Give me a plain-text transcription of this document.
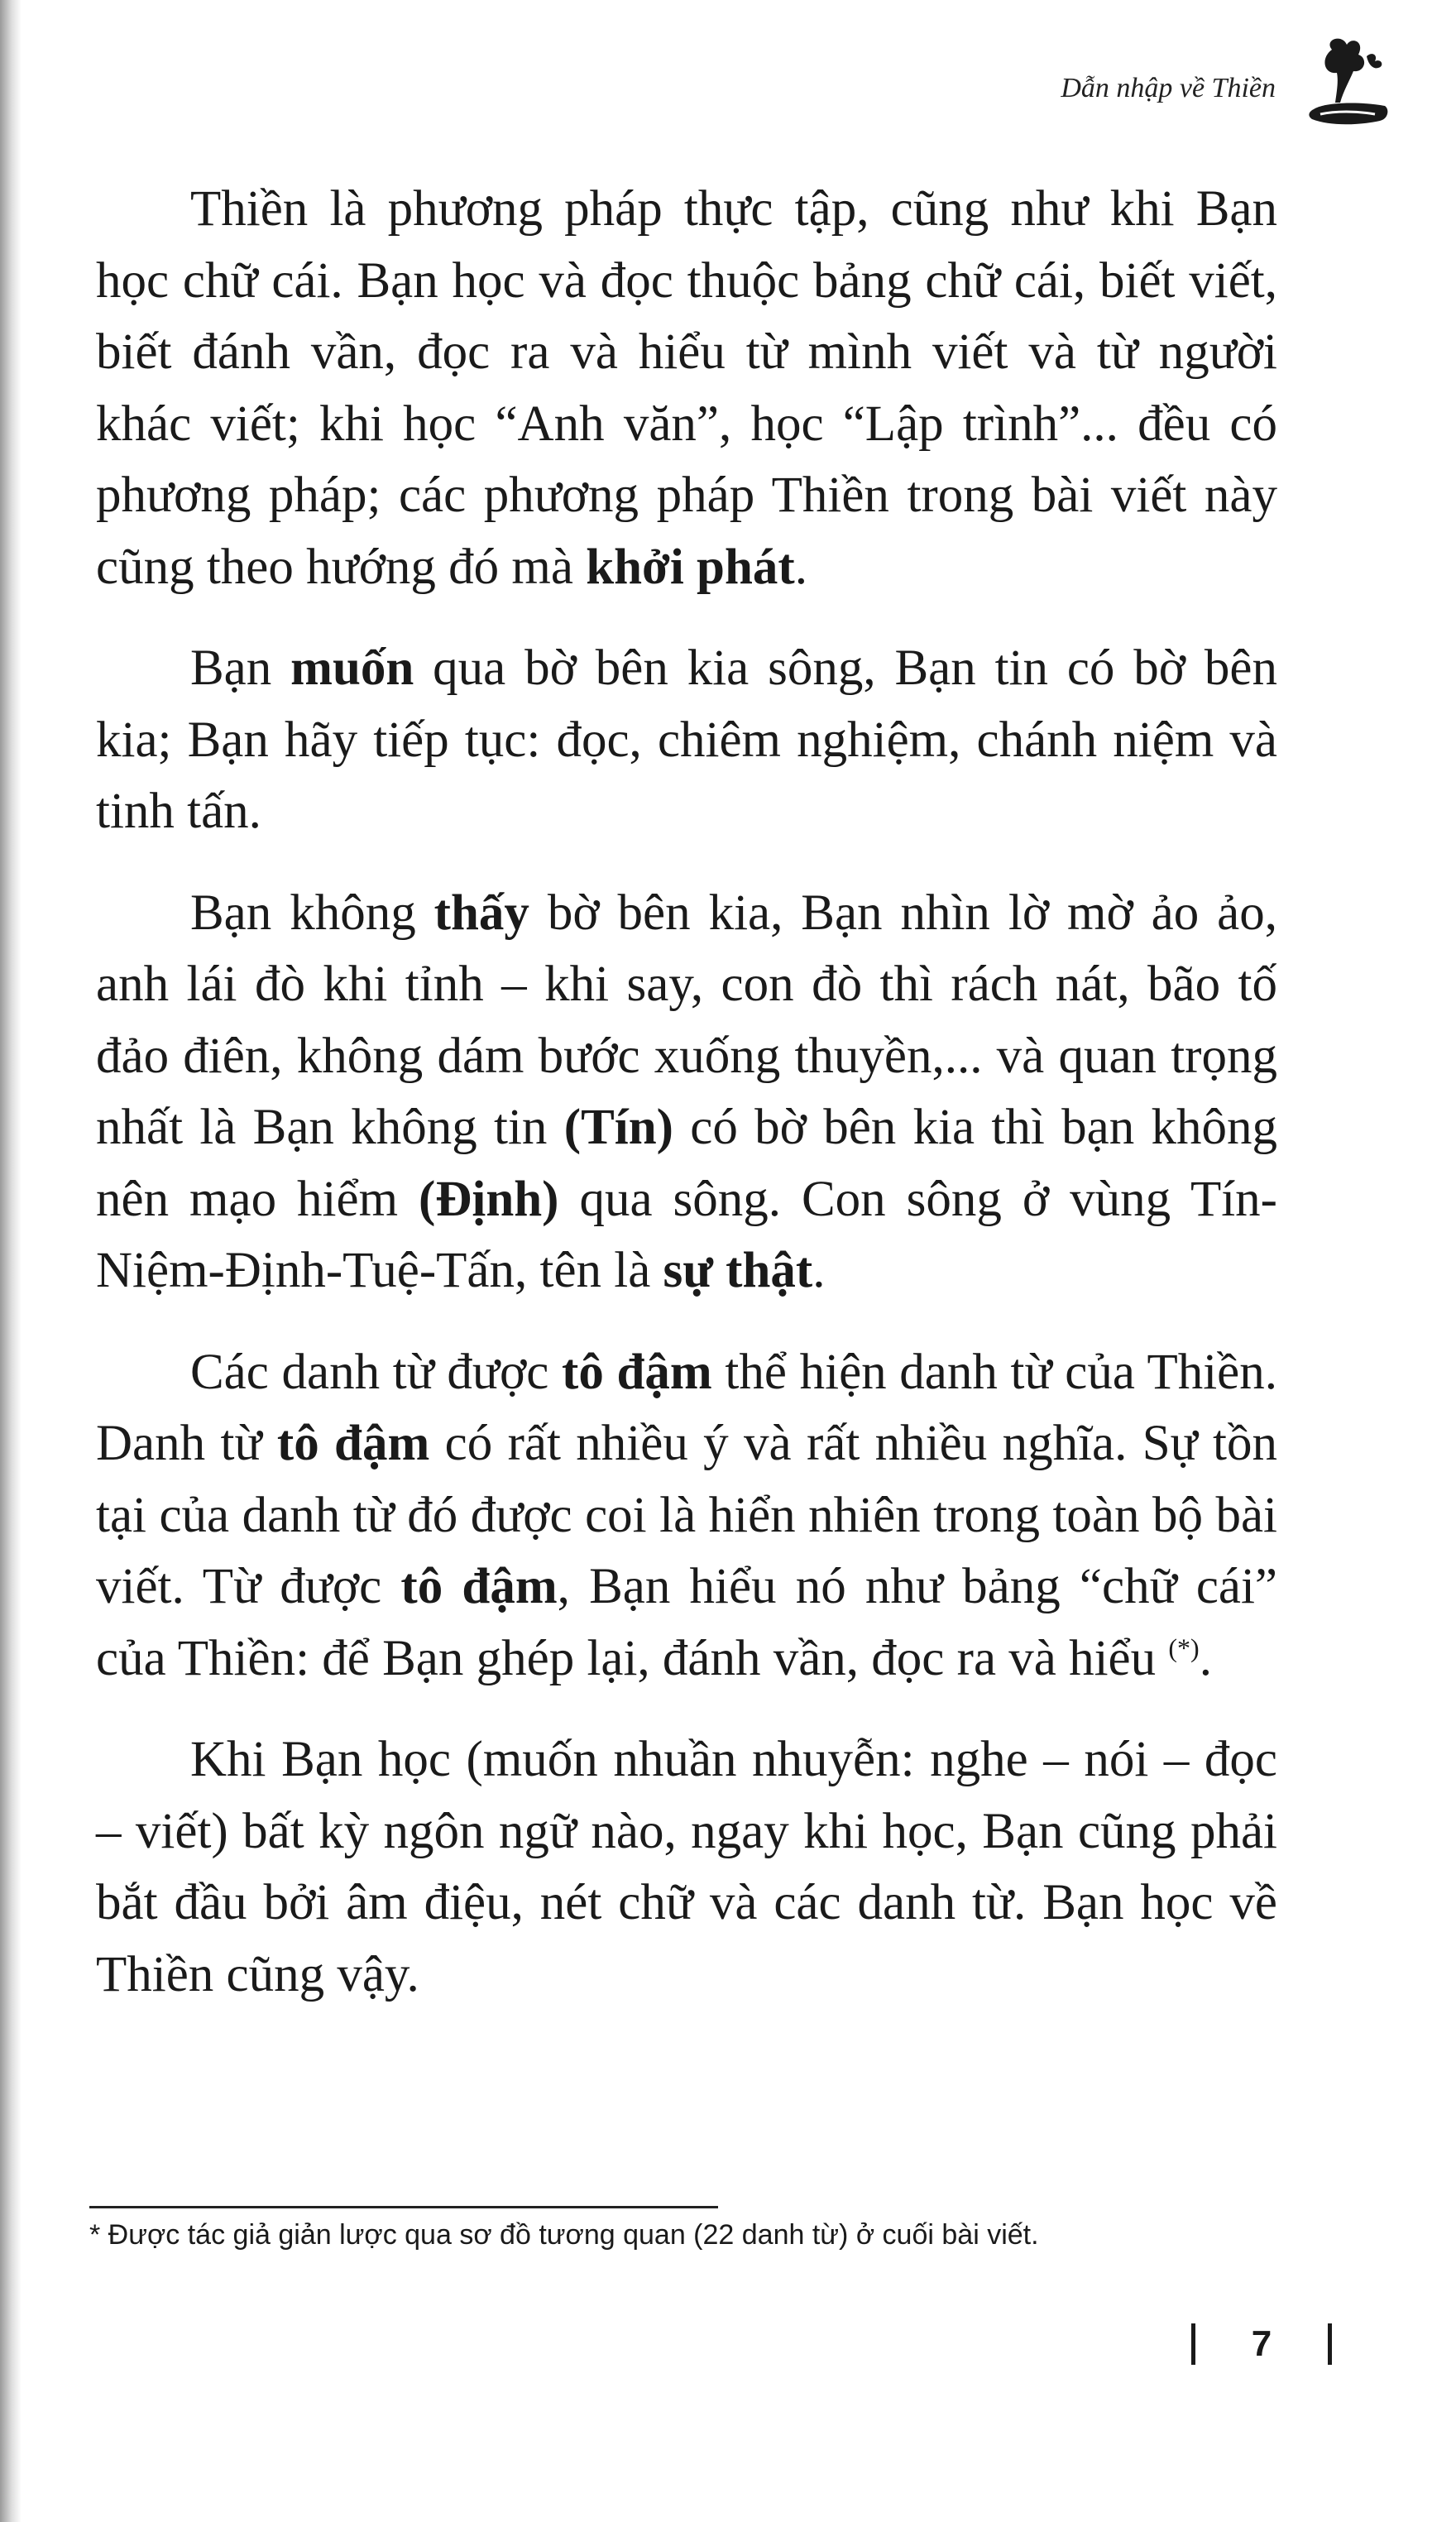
Dẫn nhập về Thiền

Thiền là phương pháp thực tập, cũng như khi Bạn học chữ cái. Bạn học và đọc thuộc bảng chữ cái, biết viết, biết đánh vần, đọc ra và hiểu từ mình viết và từ người khác viết; khi học “Anh văn”, học “Lập trình”... đều có phương pháp; các phương pháp Thiền trong bài viết này cũng theo hướng đó mà khởi phát.

Bạn muốn qua bờ bên kia sông, Bạn tin có bờ bên kia; Bạn hãy tiếp tục: đọc, chiêm nghiệm, chánh niệm và tinh tấn.

Bạn không thấy bờ bên kia, Bạn nhìn lờ mờ ảo ảo, anh lái đò khi tỉnh – khi say, con đò thì rách nát, bão tố đảo điên, không dám bước xuống thuyền,... và quan trọng nhất là Bạn không tin (Tín) có bờ bên kia thì bạn không nên mạo hiểm (Định) qua sông. Con sông ở vùng Tín-Niệm-Định-Tuệ-Tấn, tên là sự thật.

Các danh từ được tô đậm thể hiện danh từ của Thiền. Danh từ tô đậm có rất nhiều ý và rất nhiều nghĩa. Sự tồn tại của danh từ đó được coi là hiển nhiên trong toàn bộ bài viết. Từ được tô đậm, Bạn hiểu nó như bảng “chữ cái” của Thiền: để Bạn ghép lại, đánh vần, đọc ra và hiểu (*).

Khi Bạn học (muốn nhuần nhuyễn: nghe – nói – đọc – viết) bất kỳ ngôn ngữ nào, ngay khi học, Bạn cũng phải bắt đầu bởi âm điệu, nét chữ và các danh từ. Bạn học về Thiền cũng vậy.

* Được tác giả giản lược qua sơ đồ tương quan (22 danh từ) ở cuối bài viết.
7
